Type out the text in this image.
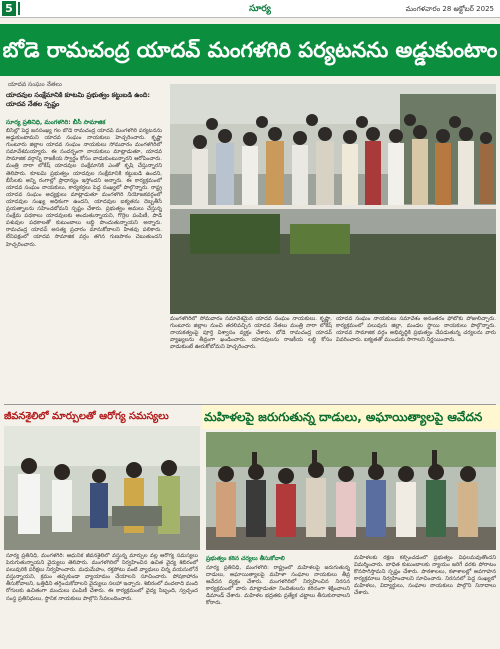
5	సూర్య	మంగళవారం 28 అక్టోబర్ 2025
బోడె రామచంద్ర యాదవ్ మంగళగిరి పర్యటనను అడ్డుకుంటాం
యాదవ సంఘం నేతలు
యాదవుల సంక్షేమానికి కూటమి ప్రభుత్వం కట్టుబడి ఉంది: యాదవ నేతల స్పష్టం
సూర్య ప్రతినిధి, మంగళగిరి: బీసీ సామాజిక
బీసీల్లో పెద్ద జనసంఖ్య గల బోడె రామచంద్ర యాదవ్ మంగళగిరి పర్యటనను అడ్డుకుంటామని యాదవ సంఘం నాయకులు హెచ్చరించారు. కృష్ణా గుంటూరు జిల్లాల యాదవ సంఘం నాయకులు సోమవారం మంగళగిరిలో సమావేశమయ్యారు. ఈ సందర్భంగా నాయకులు మాట్లాడుతూ, యాదవ సామాజిక వర్గాన్ని రాజకీయ స్వార్థం కోసం వాడుకుంటున్నారని ఆరోపించారు. మంత్రి నారా లోకేష్ యాదవుల సంక్షేమానికి ఎంతో కృషి చేస్తున్నారని తెలిపారు. కూటమి ప్రభుత్వం యాదవుల సంక్షేమానికి కట్టుబడి ఉందని, బీసీలకు అన్ని రంగాల్లో ప్రాధాన్యం ఇస్తోందని అన్నారు. ఈ కార్యక్రమంలో యాదవ సంఘం నాయకులు, కార్యకర్తలు పెద్ద సంఖ్యలో పాల్గొన్నారు. రాష్ట్ర యాదవ సంఘం అధ్యక్షులు మాట్లాడుతూ మంగళగిరి నియోజకవర్గంలో యాదవుల సంఖ్య అధికంగా ఉందని, యాదవుల ఐక్యతను దెబ్బతీసే ప్రయత్నాలను సహించబోమని స్పష్టం చేశారు. ప్రభుత్వం అమలు చేస్తున్న సంక్షేమ పథకాలు యాదవులకు అందుతున్నాయని, గొర్రెల పంపిణీ, పాడి పశువుల పథకాలతో కుటుంబాలు లబ్ధి పొందుతున్నాయని అన్నారు. రామచంద్ర యాదవ్ అసత్య ప్రచారం మానుకోవాలని హితవు పలికారు. లేనిపక్షంలో యాదవ సామాజిక వర్గం తగిన గుణపాఠం చెబుతుందని హెచ్చరించారు.
మంగళగిరిలో సోమవారం సమావేశమైన యాదవ సంఘం నాయకులు. కృష్ణా, గుంటూరు జిల్లాల నుంచి తరలివచ్చిన యాదవ నేతలు మంత్రి నారా లోకేష్ నాయకత్వంపై పూర్తి విశ్వాసం వ్యక్తం చేశారు. బోడె రామచంద్ర యాదవ్ వ్యాఖ్యలను తీవ్రంగా ఖండించారు. యాదవులను రాజకీయ లబ్ధి కోసం వాడుకుంటే ఊరుకోబోమని హెచ్చరించారు.
యాదవ సంఘం నాయకులు సమావేశం అనంతరం ఫోటోకు పోజులిచ్చారు. కార్యక్రమంలో పలువురు జిల్లా, మండల స్థాయి నాయకులు పాల్గొన్నారు. యాదవ సామాజిక వర్గం అభివృద్ధికి ప్రభుత్వం చేపడుతున్న చర్యలను వారు వివరించారు. ఐక్యతతో ముందుకు సాగాలని నిర్ణయించారు.
జీవనశైలిలో మార్పులతో ఆరోగ్య సమస్యలు
సూర్య ప్రతినిధి, మంగళగిరి: ఆధునిక జీవనశైలిలో వస్తున్న మార్పుల వల్ల ఆరోగ్య సమస్యలు పెరుగుతున్నాయని వైద్యులు తెలిపారు. మంగళగిరిలో నిర్వహించిన ఉచిత వైద్య శిబిరంలో పలువురికి పరీక్షలు నిర్వహించారు. మధుమేహం, రక్తపోటు వంటి వ్యాధులు చిన్న వయసులోనే వస్తున్నాయని, క్రమం తప్పకుండా వ్యాయామం చేయాలని సూచించారు. పోషకాహారం తీసుకోవాలని, ఒత్తిడిని తగ్గించుకోవాలని వైద్యులు సలహా ఇచ్చారు. శిబిరంలో వందలాది మంది రోగులకు ఉచితంగా మందులు పంపిణీ చేశారు. ఈ కార్యక్రమంలో వైద్య సిబ్బంది, స్వచ్ఛంద సంస్థ ప్రతినిధులు, స్థానిక నాయకులు పాల్గొని సేవలందించారు.
మహిళలపై జరుగుతున్న దాడులు, అఘాయిత్యాలపై ఆవేదన
ప్రభుత్వం కఠిన చర్యలు తీసుకోవాలి
సూర్య ప్రతినిధి, మంగళగిరి: రాష్ట్రంలో మహిళలపై జరుగుతున్న దాడులు, అఘాయిత్యాలపై మహిళా సంఘాల నాయకులు తీవ్ర ఆవేదన వ్యక్తం చేశారు. మంగళగిరిలో నిర్వహించిన నిరసన కార్యక్రమంలో వారు మాట్లాడుతూ నిందితులను కఠినంగా శిక్షించాలని డిమాండ్ చేశారు. మహిళల భద్రతకు ప్రత్యేక చట్టాలు తీసుకురావాలని కోరారు.
మహిళలకు రక్షణ కల్పించడంలో ప్రభుత్వం విఫలమవుతోందని విమర్శించారు. బాధిత కుటుంబాలకు న్యాయం జరిగే వరకు పోరాటం కొనసాగిస్తామని స్పష్టం చేశారు. పాఠశాలలు, కళాశాలల్లో అవగాహన కార్యక్రమాలు నిర్వహించాలని సూచించారు. నిరసనలో పెద్ద సంఖ్యలో మహిళలు, విద్యార్థులు, సంఘాల నాయకులు పాల్గొని నినాదాలు చేశారు.
